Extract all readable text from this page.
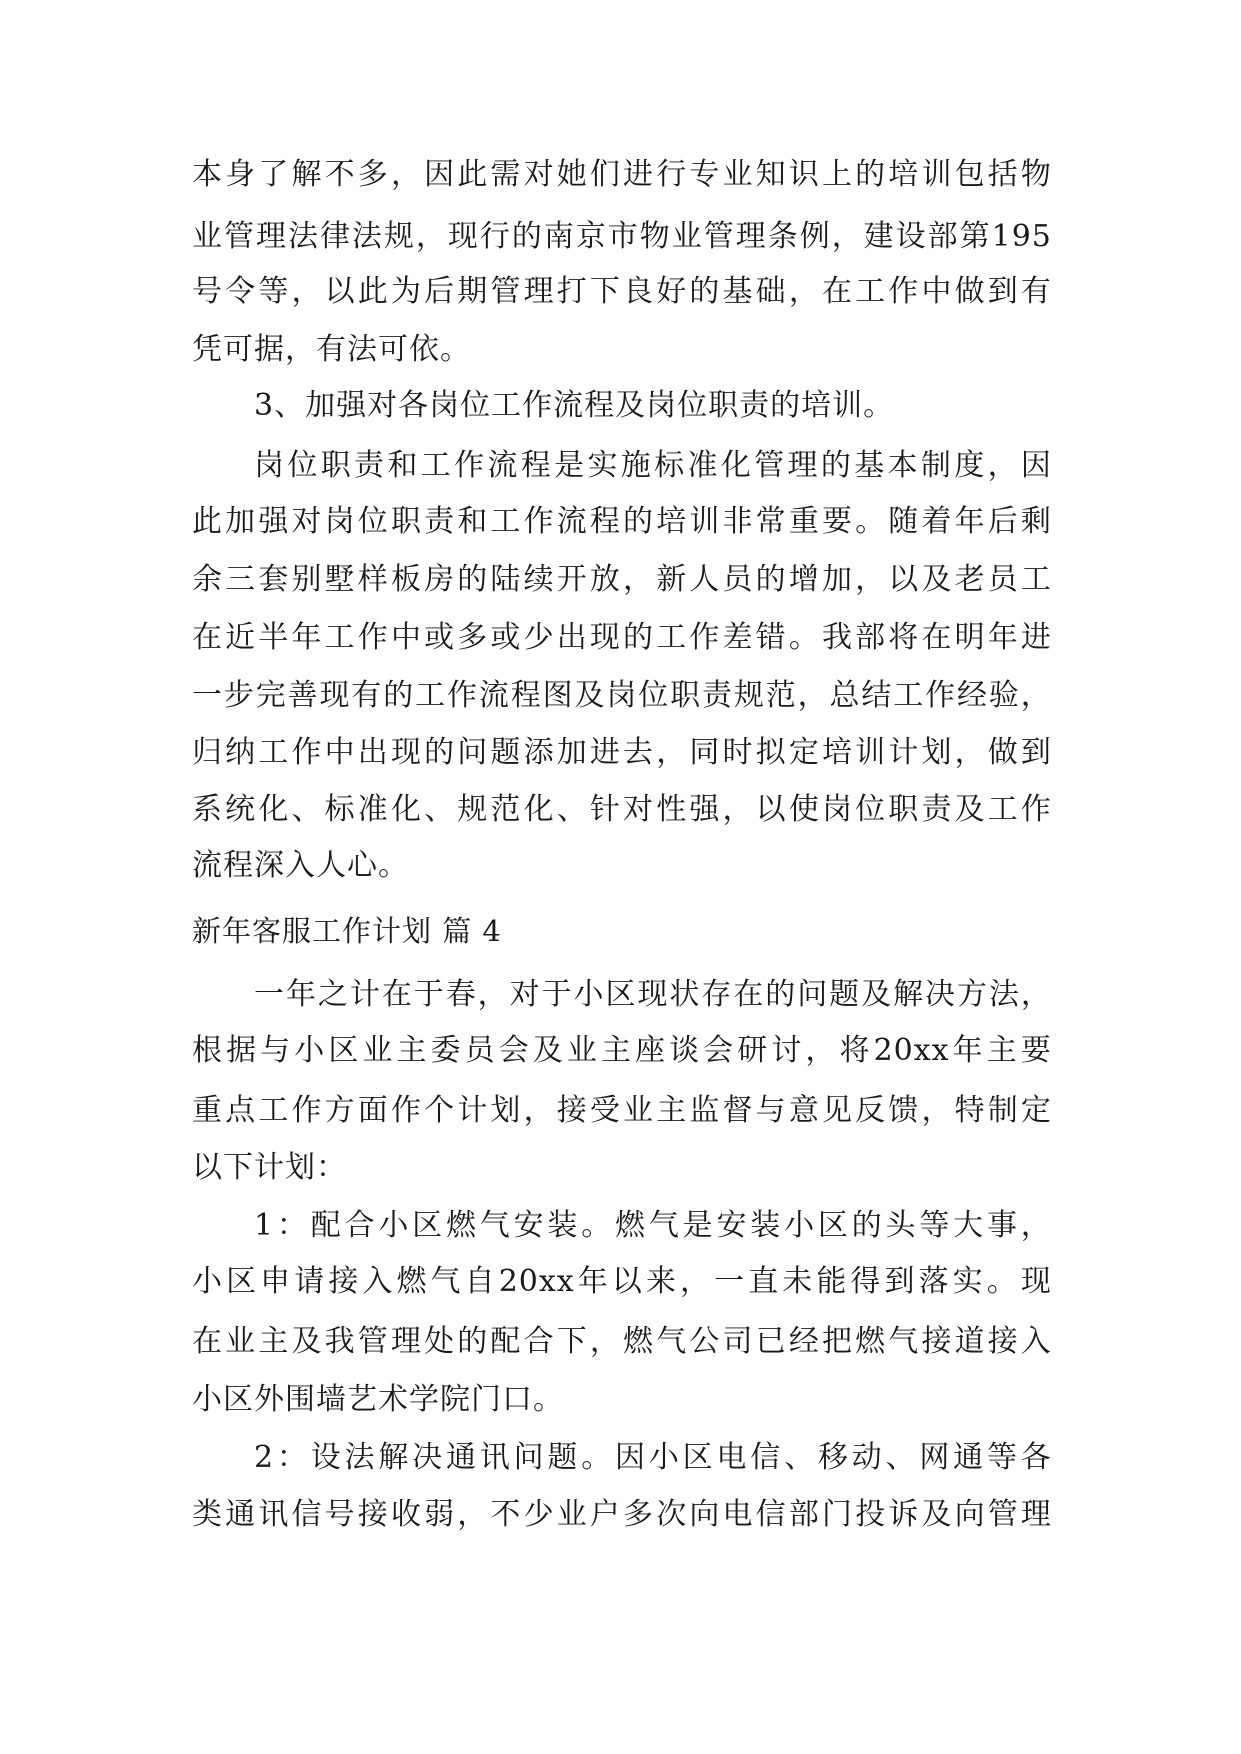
本 身 了 解 不 多 ， 因 此 需 对 她 们 进 行 专 业 知 识 上 的 培 训 包 括 物
业 管 理 法 律 法 规 ， 现 行 的 南 京 市 物 业 管 理 条 例 ， 建 设 部 第 195
号 令 等 ， 以 此 为 后 期 管 理 打 下 良 好 的 基 础 ， 在 工 作 中 做 到 有
凭可据，有法可依。
3、加强对各岗位工作流程及岗位职责的培训。
岗 位 职 责 和 工 作 流 程 是 实 施 标 准 化 管 理 的 基 本 制 度 ， 因
此 加 强 对 岗 位 职 责 和 工 作 流 程 的 培 训 非 常 重 要 。 随 着 年 后 剩
余 三 套 别 墅 样 板 房 的 陆 续 开 放 ， 新 人 员 的 增 加 ， 以 及 老 员 工
在 近 半 年 工 作 中 或 多 或 少 出 现 的 工 作 差 错 。 我 部 将 在 明 年 进
一 步 完 善 现 有 的 工 作 流 程 图 及 岗 位 职 责 规 范 ， 总 结 工 作 经 验 ，
归 纳 工 作 中 出 现 的 问 题 添 加 进 去 ， 同 时 拟 定 培 训 计 划 ， 做 到
系 统 化 、 标 准 化 、 规 范 化 、 针 对 性 强 ， 以 使 岗 位 职 责 及 工 作
流程深入人心。
新年客服工作计划 篇 4
一 年 之 计 在 于 春 ， 对 于 小 区 现 状 存 在 的 问 题 及 解 决 方 法 ，
根 据 与 小 区 业 主 委 员 会 及 业 主 座 谈 会 研 讨 ， 将 20xx 年 主 要
重 点 工 作 方 面 作 个 计 划 ， 接 受 业 主 监 督 与 意 见 反 馈 ， 特 制 定
以下计划：
1 ： 配 合 小 区 燃 气 安 装 。 燃 气 是 安 装 小 区 的 头 等 大 事 ，
小 区 申 请 接 入 燃 气 自 20xx 年 以 来 ， 一 直 未 能 得 到 落 实 。 现
在 业 主 及 我 管 理 处 的 配 合 下 ， 燃 气 公 司 已 经 把 燃 气 接 道 接 入
小区外围墙艺术学院门口。
2 ： 设 法 解 决 通 讯 问 题 。 因 小 区 电 信 、 移 动 、 网 通 等 各
类 通 讯 信 号 接 收 弱 ， 不 少 业 户 多 次 向 电 信 部 门 投 诉 及 向 管 理
